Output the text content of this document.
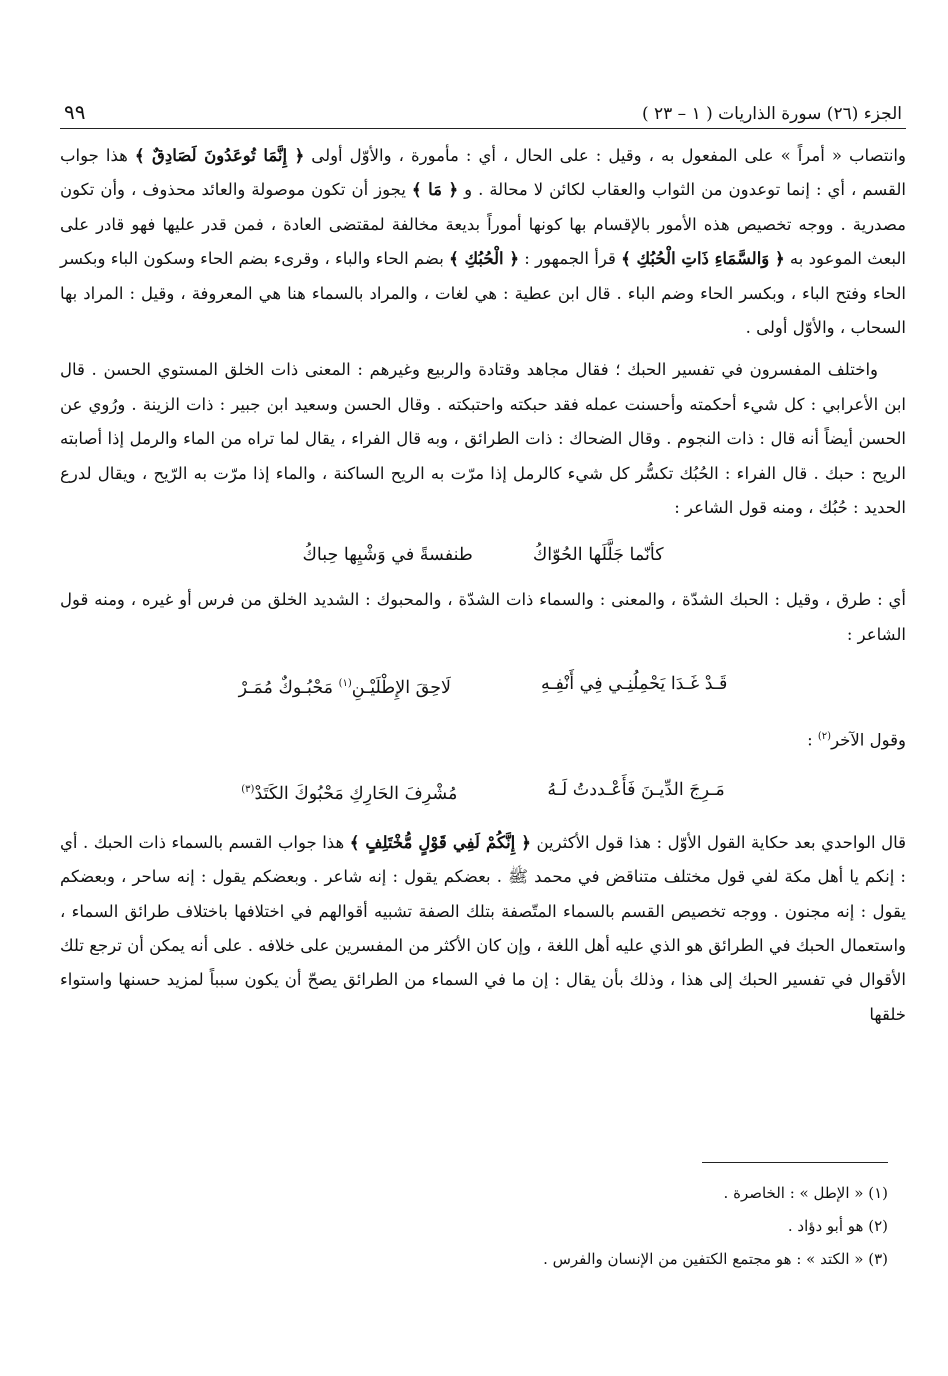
الجزء (٢٦) سورة الذاريات ( ١ – ٢٣ )
٩٩

وانتصاب « أمراً » على المفعول به ، وقيل : على الحال ، أي : مأمورة ، والأوّل أولى ﴿ إِنَّمَا تُوعَدُونَ لَصَادِقٌ ﴾ هذا جواب القسم ، أي : إنما توعدون من الثواب والعقاب لكائن لا محالة . و ﴿ مَا ﴾ يجوز أن تكون موصولة والعائد محذوف ، وأن تكون مصدرية . ووجه تخصيص هذه الأمور بالإقسام بها كونها أموراً بديعة مخالفة لمقتضى العادة ، فمن قدر عليها فهو قادر على البعث الموعود به ﴿ وَالسَّمَاءِ ذَاتِ الْحُبُكِ ﴾ قرأ الجمهور : ﴿ الْحُبُكِ ﴾ بضم الحاء والباء ، وقرىء بضم الحاء وسكون الباء وبكسر الحاء وفتح الباء ، وبكسر الحاء وضم الباء . قال ابن عطية : هي لغات ، والمراد بالسماء هنا هي المعروفة ، وقيل : المراد بها السحاب ، والأوّل أولى .

واختلف المفسرون في تفسير الحبك ؛ فقال مجاهد وقتادة والربيع وغيرهم : المعنى ذات الخلق المستوي الحسن . قال ابن الأعرابي : كل شيء أحكمته وأحسنت عمله فقد حبكته واحتبكته . وقال الحسن وسعيد ابن جبير : ذات الزينة . ورُوي عن الحسن أيضاً أنه قال : ذات النجوم . وقال الضحاك : ذات الطرائق ، وبه قال الفراء ، يقال لما تراه من الماء والرمل إذا أصابته الريح : حبك . قال الفراء : الحُبُك تكسُّر كل شيء كالرمل إذا مرّت به الريح الساكنة ، والماء إذا مرّت به الرّيح ، ويقال لدرع الحديد : حُبُك ، ومنه قول الشاعر :

كأنّما جَلَّلَها الحُوّاكُ
طنفسةً في وَشْيِها حِباكُ

أي : طرق ، وقيل : الحبك الشدّة ، والمعنى : والسماء ذات الشدّة ، والمحبوك : الشديد الخلق من فرس أو غيره ، ومنه قول الشاعر :

قَـدْ غَـدَا يَحْمِلُنِـي فِي أَنْفِـهِ
لَاحِقَ الإِطْلَيْـنِ$^{(١)}$ مَحْبُـوكٌ مُمَـرْ

وقول الآخر$^{(٢)}$ :

مَـرِجَ الدِّيـنَ فَأَعْـددتُ لَـهُ
مُشْرِفَ الحَارِكِ مَحْبُوكَ الكَتَدْ$^{(٣)}$

قال الواحدي بعد حكاية القول الأوّل : هذا قول الأكثرين ﴿ إِنَّكُمْ لَفِي قَوْلٍ مُّخْتَلِفٍ ﴾ هذا جواب القسم بالسماء ذات الحبك . أي : إنكم يا أهل مكة لفي قول مختلف متناقض في محمد ﷺ . بعضكم يقول : إنه شاعر . وبعضكم يقول : إنه ساحر ، وبعضكم يقول : إنه مجنون . ووجه تخصيص القسم بالسماء المتّصفة بتلك الصفة تشبيه أقوالهم في اختلافها باختلاف طرائق السماء ، واستعمال الحبك في الطرائق هو الذي عليه أهل اللغة ، وإن كان الأكثر من المفسرين على خلافه . على أنه يمكن أن ترجع تلك الأقوال في تفسير الحبك إلى هذا ، وذلك بأن يقال : إن ما في السماء من الطرائق يصحّ أن يكون سبباً لمزيد حسنها واستواء خلقها

(١) « الإطل » : الخاصرة .

(٢) هو أبو دؤاد .

(٣) « الكتد » : هو مجتمع الكتفين من الإنسان والفرس .
